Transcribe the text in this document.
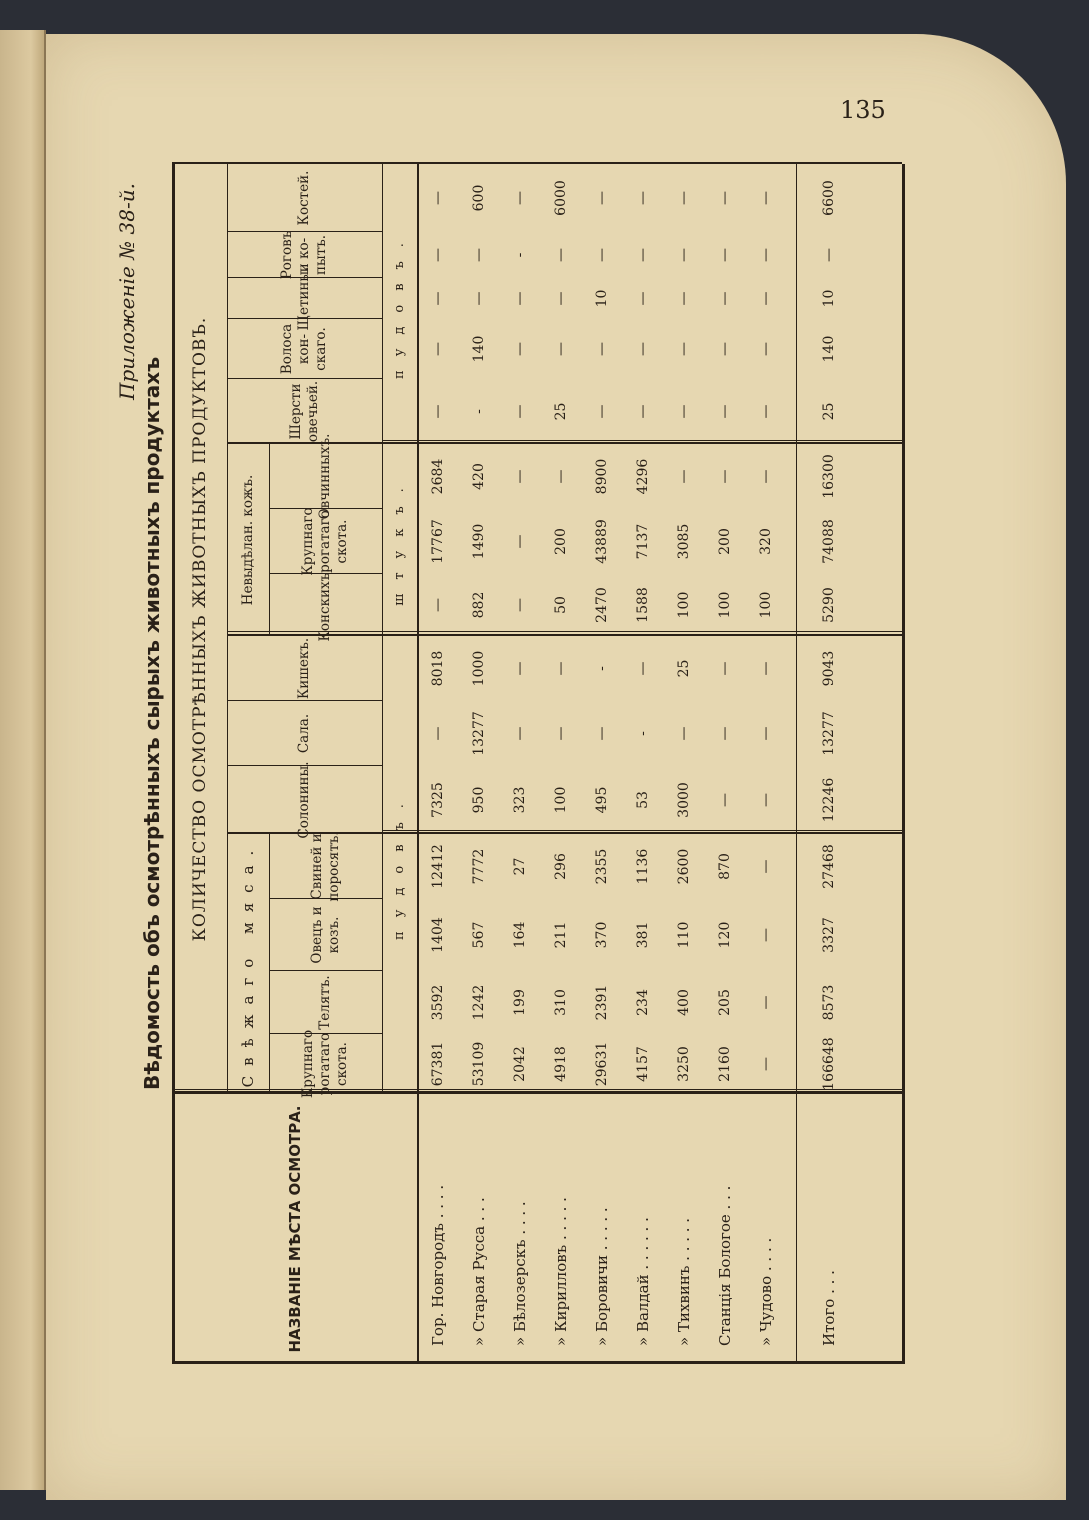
135
Приложеніе № 38-й.
Вѣдомость объ осмотрѣнныхъ сырыхъ животныхъ продуктахъ
НАЗВАНІЕ МѢСТА ОСМОТРА.
КОЛИЧЕСТВО ОСМОТРѢННЫХЪ ЖИВОТНЫХЪ ПРОДУКТОВЪ.
Свѣжаго мяса.
Невыдѣлан. кожъ.
пудовъ.
штукъ.
пудовъ.
Крупнаго рогатаго скота.
Телятъ.
Овецъ и козъ.
Свиней и поросятъ.
Солонины.
Сала.
Кишекъ.
Конскихъ.
Крупнаго рогатаго скота.
Овчинныхъ.
Шерсти овечьей.
Волоса кон-скаго.
Щетины.
Роговъ и ко-пытъ.
Костей.
Гор. Новгородъ . . . .
67381
3592
1404
12412
7325
—
8018
—
17767
2684
—
—
—
—
—
» Старая Русса . . .
53109
1242
567
7772
950
13277
1000
882
1490
420
-
140
—
—
600
» Бѣлозерскъ . . . .
2042
199
164
27
323
—
—
—
—
—
—
—
—
-
—
» Кирилловъ . . . . .
4918
310
211
296
100
—
—
50
200
—
25
—
—
—
6000
» Боровичи . . . . .
29631
2391
370
2355
495
—
-
2470
43889
8900
—
—
10
—
—
» Валдай . . . . . .
4157
234
381
1136
53
-
—
1588
7137
4296
—
—
—
—
—
» Тихвинъ . . . . .
3250
400
110
2600
3000
—
25
100
3085
—
—
—
—
—
—
Станція Бологое . . .
2160
205
120
870
—
—
—
100
200
—
—
—
—
—
—
» Чудово . . . .
—
—
—
—
—
—
—
100
320
—
—
—
—
—
—
Итого . . .
166648
8573
3327
27468
12246
13277
9043
5290
74088
16300
25
140
10
—
6600
